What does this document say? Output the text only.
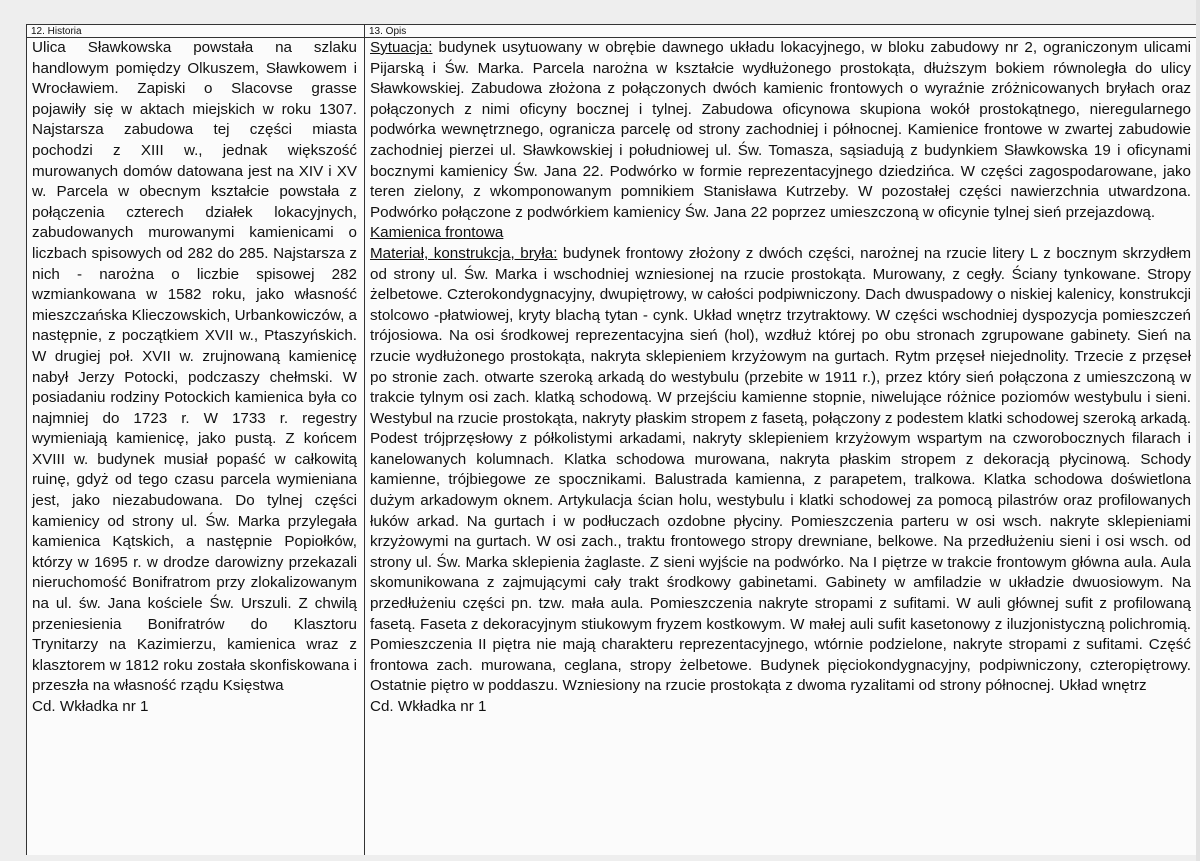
12. Historia

Ulica Sławkowska powstała na szlaku handlowym pomiędzy Olkuszem, Sławkowem i Wrocławiem. Zapiski o Slacovse grasse pojawiły się w aktach miejskich w roku 1307. Najstarsza zabudowa tej części miasta pochodzi z XIII w., jednak większość murowanych domów datowana jest na XIV i XV w. Parcela w obecnym kształcie powstała z połączenia czterech działek lokacyjnych, zabudowanych murowanymi kamienicami o liczbach spisowych od 282 do 285. Najstarsza z nich - narożna o liczbie spisowej 282 wzmiankowana w 1582 roku, jako własność mieszczańska Klieczowskich, Urbankowiczów, a następnie, z początkiem XVII w., Ptaszyńskich. W drugiej poł. XVII w. zrujnowaną kamienicę nabył Jerzy Potocki, podczaszy chełmski. W posiadaniu rodziny Potockich kamienica była co najmniej do 1723 r. W 1733 r. regestry wymieniają kamienicę, jako pustą. Z końcem XVIII w. budynek musiał popaść w całkowitą ruinę, gdyż od tego czasu parcela wymieniana jest, jako niezabudowana. Do tylnej części kamienicy od strony ul. Św. Marka przylegała kamienica Kątskich, a następnie Popiołków, którzy w 1695 r. w drodze darowizny przekazali nieruchomość Bonifratrom przy zlokalizowanym na ul. św. Jana kościele Św. Urszuli. Z chwilą przeniesienia Bonifratrów do Klasztoru Trynitarzy na Kazimierzu, kamienica wraz z klasztorem w 1812 roku została skonfiskowana i przeszła na własność rządu Księstwa

Cd. Wkładka nr 1

13. Opis

Sytuacja: budynek usytuowany w obrębie dawnego układu lokacyjnego, w bloku zabudowy nr 2, ograniczonym ulicami Pijarską i Św. Marka. Parcela narożna w kształcie wydłużonego prostokąta, dłuższym bokiem równoległa do ulicy Sławkowskiej. Zabudowa złożona z połączonych dwóch kamienic frontowych o wyraźnie zróżnicowanych bryłach oraz połączonych z nimi oficyny bocznej i tylnej. Zabudowa oficynowa skupiona wokół prostokątnego, nieregularnego podwórka wewnętrznego, ogranicza parcelę od strony zachodniej i północnej. Kamienice frontowe w zwartej zabudowie zachodniej pierzei ul. Sławkowskiej i południowej ul. Św. Tomasza, sąsiadują z budynkiem Sławkowska 19 i oficynami bocznymi kamienicy Św. Jana 22. Podwórko w formie reprezentacyjnego dziedzińca. W części zagospodarowane, jako teren zielony, z wkomponowanym pomnikiem Stanisława Kutrzeby. W pozostałej części nawierzchnia utwardzona. Podwórko połączone z podwórkiem kamienicy Św. Jana 22 poprzez umieszczoną w oficynie tylnej sień przejazdową.

Kamienica frontowa

Materiał, konstrukcja, bryła: budynek frontowy złożony z dwóch części, narożnej na rzucie litery L z bocznym skrzydłem od strony ul. Św. Marka i wschodniej wzniesionej na rzucie prostokąta. Murowany, z cegły. Ściany tynkowane. Stropy żelbetowe. Czterokondygnacyjny, dwupiętrowy, w całości podpiwniczony. Dach dwuspadowy o niskiej kalenicy, konstrukcji stolcowo -płatwiowej, kryty blachą tytan - cynk. Układ wnętrz trzytraktowy. W części wschodniej dyspozycja pomieszczeń trójosiowa. Na osi środkowej reprezentacyjna sień (hol), wzdłuż której po obu stronach zgrupowane gabinety. Sień na rzucie wydłużonego prostokąta, nakryta sklepieniem krzyżowym na gurtach. Rytm przęseł niejednolity. Trzecie z przęseł po stronie zach. otwarte szeroką arkadą do westybulu (przebite w 1911 r.), przez który sień połączona z umieszczoną w trakcie tylnym osi zach. klatką schodową. W przejściu kamienne stopnie, niwelujące różnice poziomów westybulu i sieni. Westybul na rzucie prostokąta, nakryty płaskim stropem z fasetą, połączony z podestem klatki schodowej szeroką arkadą. Podest trójprzęsłowy z półkolistymi arkadami, nakryty sklepieniem krzyżowym wspartym na czworobocznych filarach i kanelowanych kolumnach. Klatka schodowa murowana, nakryta płaskim stropem z dekoracją płycinową. Schody kamienne, trójbiegowe ze spocznikami. Balustrada kamienna, z parapetem, tralkowa. Klatka schodowa doświetlona dużym arkadowym oknem. Artykulacja ścian holu, westybulu i klatki schodowej za pomocą pilastrów oraz profilowanych łuków arkad. Na gurtach i w podłuczach ozdobne płyciny. Pomieszczenia parteru w osi wsch. nakryte sklepieniami krzyżowymi na gurtach. W osi zach., traktu frontowego stropy drewniane, belkowe. Na przedłużeniu sieni i osi wsch. od strony ul. Św. Marka sklepienia żaglaste. Z sieni wyjście na podwórko. Na I piętrze w trakcie frontowym główna aula. Aula skomunikowana z zajmującymi cały trakt środkowy gabinetami. Gabinety w amfiladzie w układzie dwuosiowym. Na przedłużeniu części pn. tzw. mała aula. Pomieszczenia nakryte stropami z sufitami. W auli głównej sufit z profilowaną fasetą. Faseta z dekoracyjnym stiukowym fryzem kostkowym. W małej auli sufit kasetonowy z iluzjonistyczną polichromią. Pomieszczenia II piętra nie mają charakteru reprezentacyjnego, wtórnie podzielone, nakryte stropami z sufitami. Część frontowa zach. murowana, ceglana, stropy żelbetowe. Budynek pięciokondygnacyjny, podpiwniczony, czteropiętrowy. Ostatnie piętro w poddaszu. Wzniesiony na rzucie prostokąta z dwoma ryzalitami od strony północnej. Układ wnętrz

Cd. Wkładka nr 1
